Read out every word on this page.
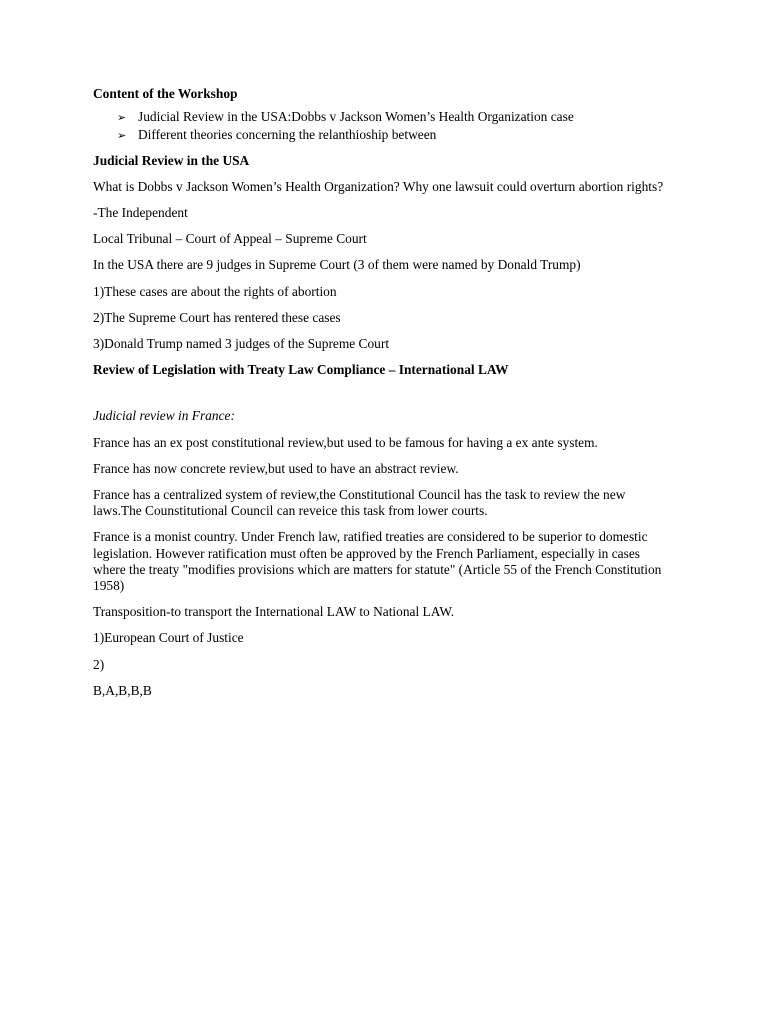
Content of the Workshop
➢ Judicial Review in the USA:Dobbs v Jackson Women’s Health Organization case
➢ Different theories concerning the relanthioship between
Judicial Review in the USA

What is Dobbs v Jackson Women’s Health Organization? Why one lawsuit could overturn abortion rights?

-The Independent

Local Tribunal – Court of Appeal – Supreme Court

In the USA there are 9 judges in Supreme Court (3 of them were named by Donald Trump)

1)These cases are about the rights of abortion

2)The Supreme Court has rentered these cases

3)Donald Trump named 3 judges of the Supreme Court

Review of Legislation with Treaty Law Compliance – International LAW

Judicial review in France:

France has an ex post constitutional review,but used to be famous for having a ex ante system.

France has now concrete review,but used to have an abstract review.

France has a centralized system of review,the Constitutional Council has the task to review the new laws.The Counstitutional Council can reveice this task from lower courts.

France is a monist country. Under French law, ratified treaties are considered to be superior to domestic legislation. However ratification must often be approved by the French Parliament, especially in cases where the treaty "modifies provisions which are matters for statute" (Article 55 of the French Constitution 1958)

Transposition-to transport the International LAW to National LAW.

1)European Court of Justice

2)

B,A,B,B,B
